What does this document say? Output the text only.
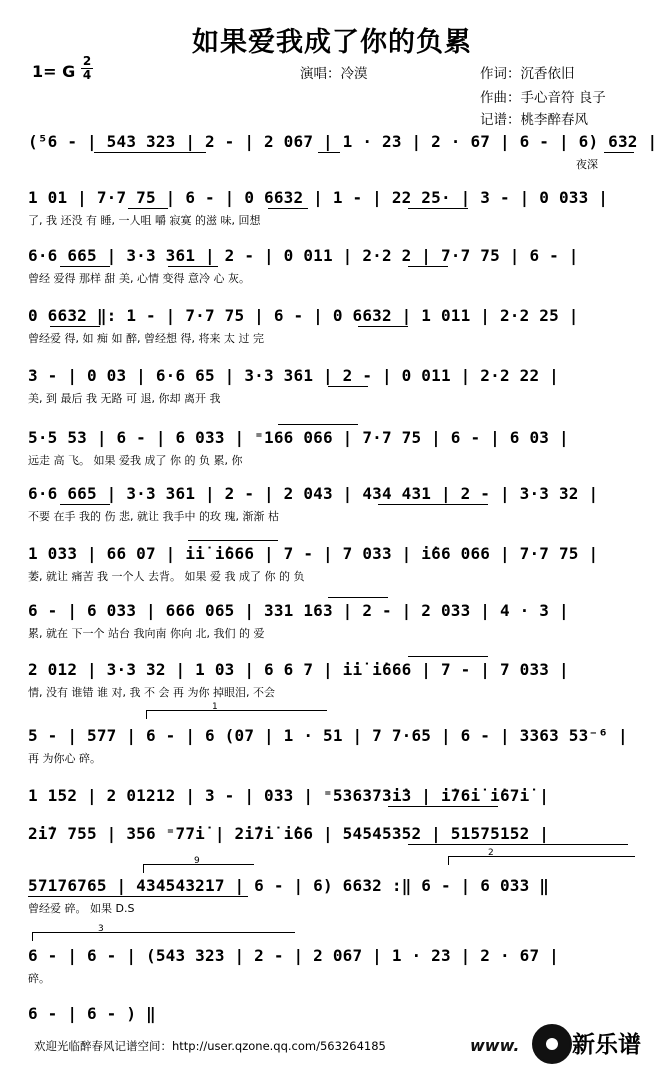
如果爱我成了你的负累
1= G
2
4	演唱：冷漠	作词：沉香依旧
作曲：手心音符 良子
记谱：桃李醉春风
(⁵6 - | 543 323 | 2 - | 2 067 | 1 · 23 | 2 · 67 | 6 - | 6) 632 |
夜深
1 01 | 7·7 75 | 6 - | 0 6632 | 1 - | 22 25· | 3 - | 0 033 |
了, 我 还没 有 睡, 一人咀 嚼 寂寞 的滋 味, 回想
6·6 665 | 3·3 361 | 2 - | 0 011 | 2·2 2 | 7·7 75 | 6 - |
曾经 爱得 那样 甜 美, 心情 变得 意冷 心 灰。
0 6632 ‖: 1 - | 7·7 75 | 6 - | 0 6632 | 1 011 | 2·2 25 |
曾经爱 得, 如 痴 如 醉, 曾经想 得, 将来 太 过 完
3 - | 0 03 | 6·6 65 | 3·3 361 | 2 - | 0 011 | 2·2 22 |
美, 到 最后 我 无路 可 退, 你却 离开 我
5·5 53 | 6 - | 6 033 | ⁼166 066 | 7·7 75 | 6 - | 6 03 |
远走 高 飞。 如果 爱我 成了 你 的 负 累, 你
6·6 665 | 3·3 361 | 2 - | 2 043 | 434 431 | 2 - | 3·3 32 |
不要 在手 我的 伤 悲, 就让 我手中 的玫 瑰, 渐渐 枯
1 033 | 66 07 | i̇i̇ i̇666 | 7 - | 7 033 | i̇66 066 | 7·7 75 |
萎, 就让 痛苦 我 一个人 去背。 如果 爱 我 成了 你 的 负
6 - | 6 033 | 666 065 | 331 163 | 2 - | 2 033 | 4 · 3 |
累, 就在 下一个 站台 我向南 你向 北, 我们 的 爱
2 012 | 3·3 32 | 1 03 | 6 6 7 | i̇i̇ i̇666 | 7 - | 7 033 |
情, 没有 谁错 谁 对, 我 不 会 再 为你 掉眼泪, 不会
1
5 - | 577 | 6 - | 6 (07 | 1 · 51 | 7 7·65 | 6 - | 3363 53⁻⁶ |
再 为你心 碎。
1 152 | 2 01212 | 3 - | 033 | ⁼536373i̇3 | i̇76i̇ i̇67i̇ |
2̇i̇7 755 | 356 ⁼77i̇ | 2̇i̇7i̇ i̇66 | 54545352 | 51575152 |
9
2
57176765 | 434543217 | 6 - | 6) 6632 :‖ 6 - | 6 033 ‖
曾经爱 碎。 如果 D.S
3
6 - | 6 - | (543 323 | 2 - | 2 067 | 1 · 23 | 2 · 67 |
碎。
6 - | 6 - ) ‖
欢迎光临醉春风记谱空间：http://user.qzone.qq.com/563264185	www. 新乐谱
